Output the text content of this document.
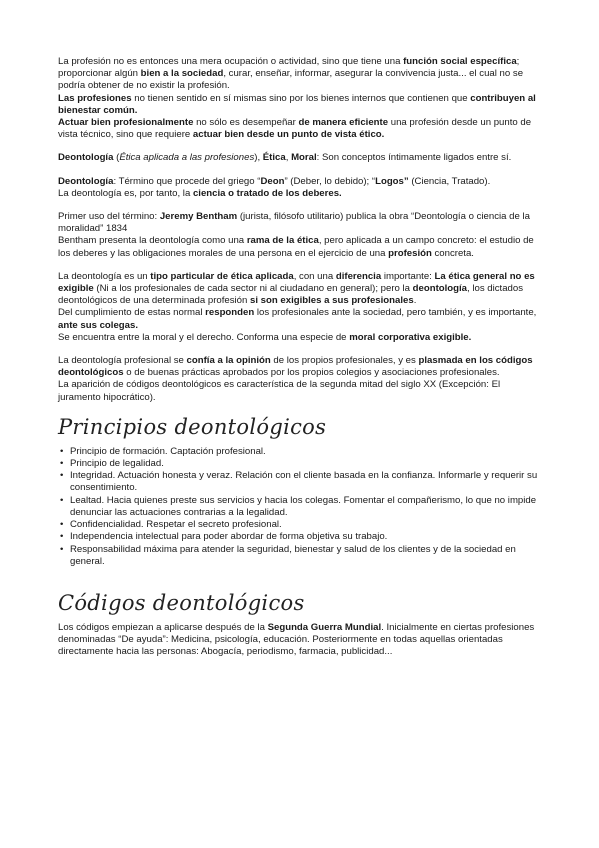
La profesión no es entonces una mera ocupación o actividad, sino que tiene una función social específica; proporcionar algún bien a la sociedad, curar, enseñar, informar, asegurar la convivencia justa... el cual no se podría obtener de no existir la profesión.

Las profesiones no tienen sentido en sí mismas sino por los bienes internos que contienen que contribuyen al bienestar común.

Actuar bien profesionalmente no sólo es desempeñar de manera eficiente una profesión desde un punto de vista técnico, sino que requiere actuar bien desde un punto de vista ético.

Deontología (Ética aplicada a las profesiones), Ética, Moral: Son conceptos íntimamente ligados entre sí.

Deontología: Término que procede del griego “Deon” (Deber, lo debido); “Logos” (Ciencia, Tratado).

La deontología es, por tanto, la ciencia o tratado de los deberes.

Primer uso del término: Jeremy Bentham (jurista, filósofo utilitario) publica la obra “Deontología o ciencia de la moralidad” 1834

Bentham presenta la deontología como una rama de la ética, pero aplicada a un campo concreto: el estudio de los deberes y las obligaciones morales de una persona en el ejercicio de una profesión concreta.

La deontología es un tipo particular de ética aplicada, con una diferencia importante: La ética general no es exigible (Ni a los profesionales de cada sector ni al ciudadano en general); pero la deontología, los dictados deontológicos de una determinada profesión si son exigibles a sus profesionales.

Del cumplimiento de estas normal responden los profesionales ante la sociedad, pero también, y es importante, ante sus colegas.

Se encuentra entre la moral y el derecho. Conforma una especie de moral corporativa exigible.

La deontología profesional se confía a la opinión de los propios profesionales, y es plasmada en los códigos deontológicos o de buenas prácticas aprobados por los propios colegios y asociaciones profesionales.

La aparición de códigos deontológicos es característica de la segunda mitad del siglo XX (Excepción: El juramento hipocrático).

Principios deontológicos
• Principio de formación. Captación profesional.
• Principio de legalidad.
• Integridad. Actuación honesta y veraz. Relación con el cliente basada en la confianza. Informarle y requerir su consentimiento.
• Lealtad. Hacia quienes preste sus servicios y hacia los colegas. Fomentar el compañerismo, lo que no impide denunciar las actuaciones contrarias a la legalidad.
• Confidencialidad. Respetar el secreto profesional.
• Independencia intelectual para poder abordar de forma objetiva su trabajo.
• Responsabilidad máxima para atender la seguridad, bienestar y salud de los clientes y de la sociedad en general.
Códigos deontológicos

Los códigos empiezan a aplicarse después de la Segunda Guerra Mundial. Inicialmente en ciertas profesiones denominadas “De ayuda”: Medicina, psicología, educación. Posteriormente en todas aquellas orientadas directamente hacia las personas: Abogacía, periodismo, farmacia, publicidad...
